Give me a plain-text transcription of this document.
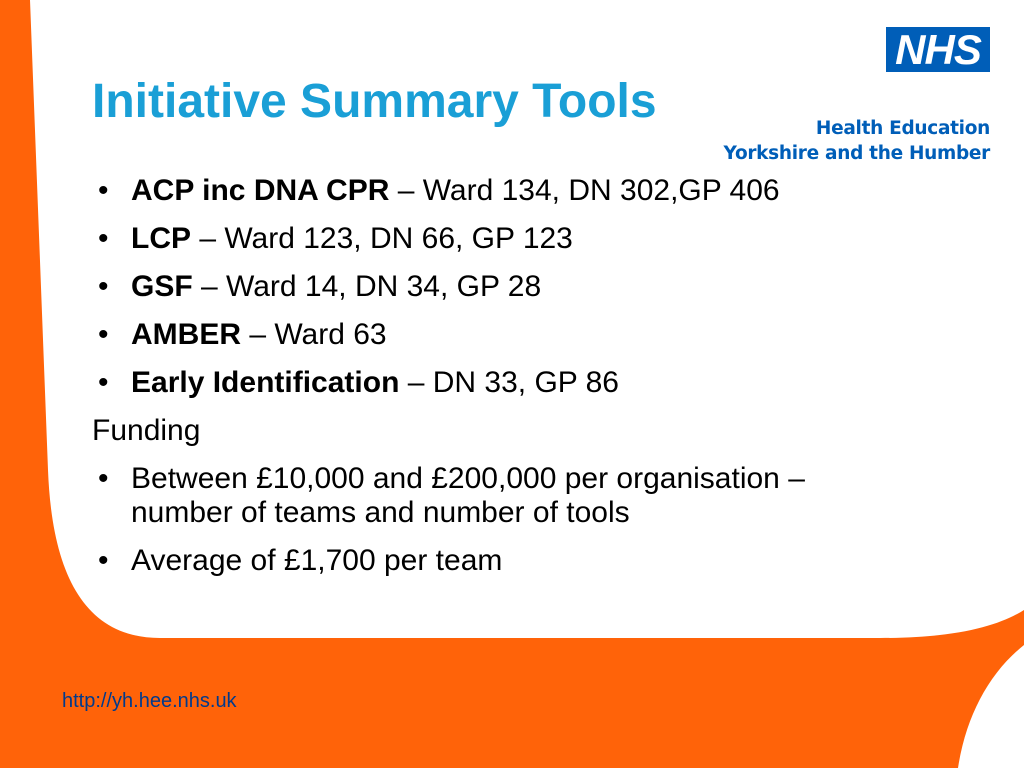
NHS
Health Education
Yorkshire and the Humber
Initiative Summary Tools
• ACP inc DNA CPR – Ward 134, DN 302,GP 406
• LCP – Ward 123, DN 66, GP 123
• GSF – Ward 14, DN 34, GP 28
• AMBER – Ward 63
• Early Identification – DN 33, GP 86
Funding
• Between £10,000 and £200,000 per organisation –
number of teams and number of tools
• Average of £1,700 per team
http://yh.hee.nhs.uk
